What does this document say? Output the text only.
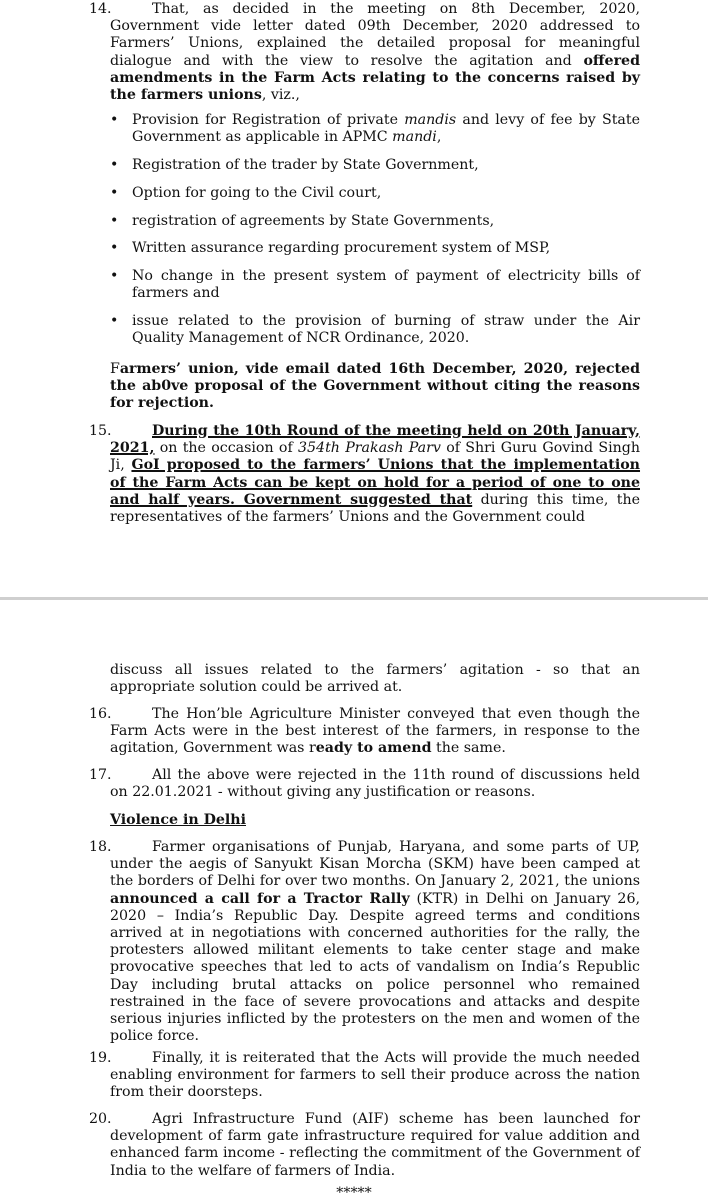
14.	That, as decided in the meeting on 8th December, 2020, Government vide letter dated 09th December, 2020 addressed to Farmers’ Unions, explained the detailed proposal for meaningful dialogue and with the view to resolve the agitation and offered amendments in the Farm Acts relating to the concerns raised by the farmers unions, viz.,
• Provision for Registration of private mandis and levy of fee by State Government as applicable in APMC mandi,
• Registration of the trader by State Government,
• Option for going to the Civil court,
• registration of agreements by State Governments,
• Written assurance regarding procurement system of MSP,
• No change in the present system of payment of electricity bills of farmers and
• issue related to the provision of burning of straw under the Air Quality Management of NCR Ordinance, 2020.
Farmers’ union, vide email dated 16th December, 2020, rejected the ab0ve proposal of the Government without citing the reasons for rejection.
15.	During the 10th Round of the meeting held on 20th January, 2021, on the occasion of 354th Prakash Parv of Shri Guru Govind Singh Ji, GoI proposed to the farmers’ Unions that the implementation of the Farm Acts can be kept on hold for a period of one to one and half years. Government suggested that during this time, the representatives of the farmers’ Unions and the Government could
discuss all issues related to the farmers’ agitation - so that an appropriate solution could be arrived at.
16.	The Hon’ble Agriculture Minister conveyed that even though the Farm Acts were in the best interest of the farmers, in response to the agitation, Government was ready to amend the same.
17.	All the above were rejected in the 11th round of discussions held on 22.01.2021 - without giving any justification or reasons.
Violence in Delhi
18.	Farmer organisations of Punjab, Haryana, and some parts of UP, under the aegis of Sanyukt Kisan Morcha (SKM) have been camped at the borders of Delhi for over two months. On January 2, 2021, the unions announced a call for a Tractor Rally (KTR) in Delhi on January 26, 2020 – India’s Republic Day. Despite agreed terms and conditions arrived at in negotiations with concerned authorities for the rally, the protesters allowed militant elements to take center stage and make provocative speeches that led to acts of vandalism on India’s Republic Day including brutal attacks on police personnel who remained restrained in the face of severe provocations and attacks and despite serious injuries inflicted by the protesters on the men and women of the police force.
19.	Finally, it is reiterated that the Acts will provide the much needed enabling environment for farmers to sell their produce across the nation from their doorsteps.
20.	Agri Infrastructure Fund (AIF) scheme has been launched for development of farm gate infrastructure required for value addition and enhanced farm income - reflecting the commitment of the Government of India to the welfare of farmers of India.
*****
